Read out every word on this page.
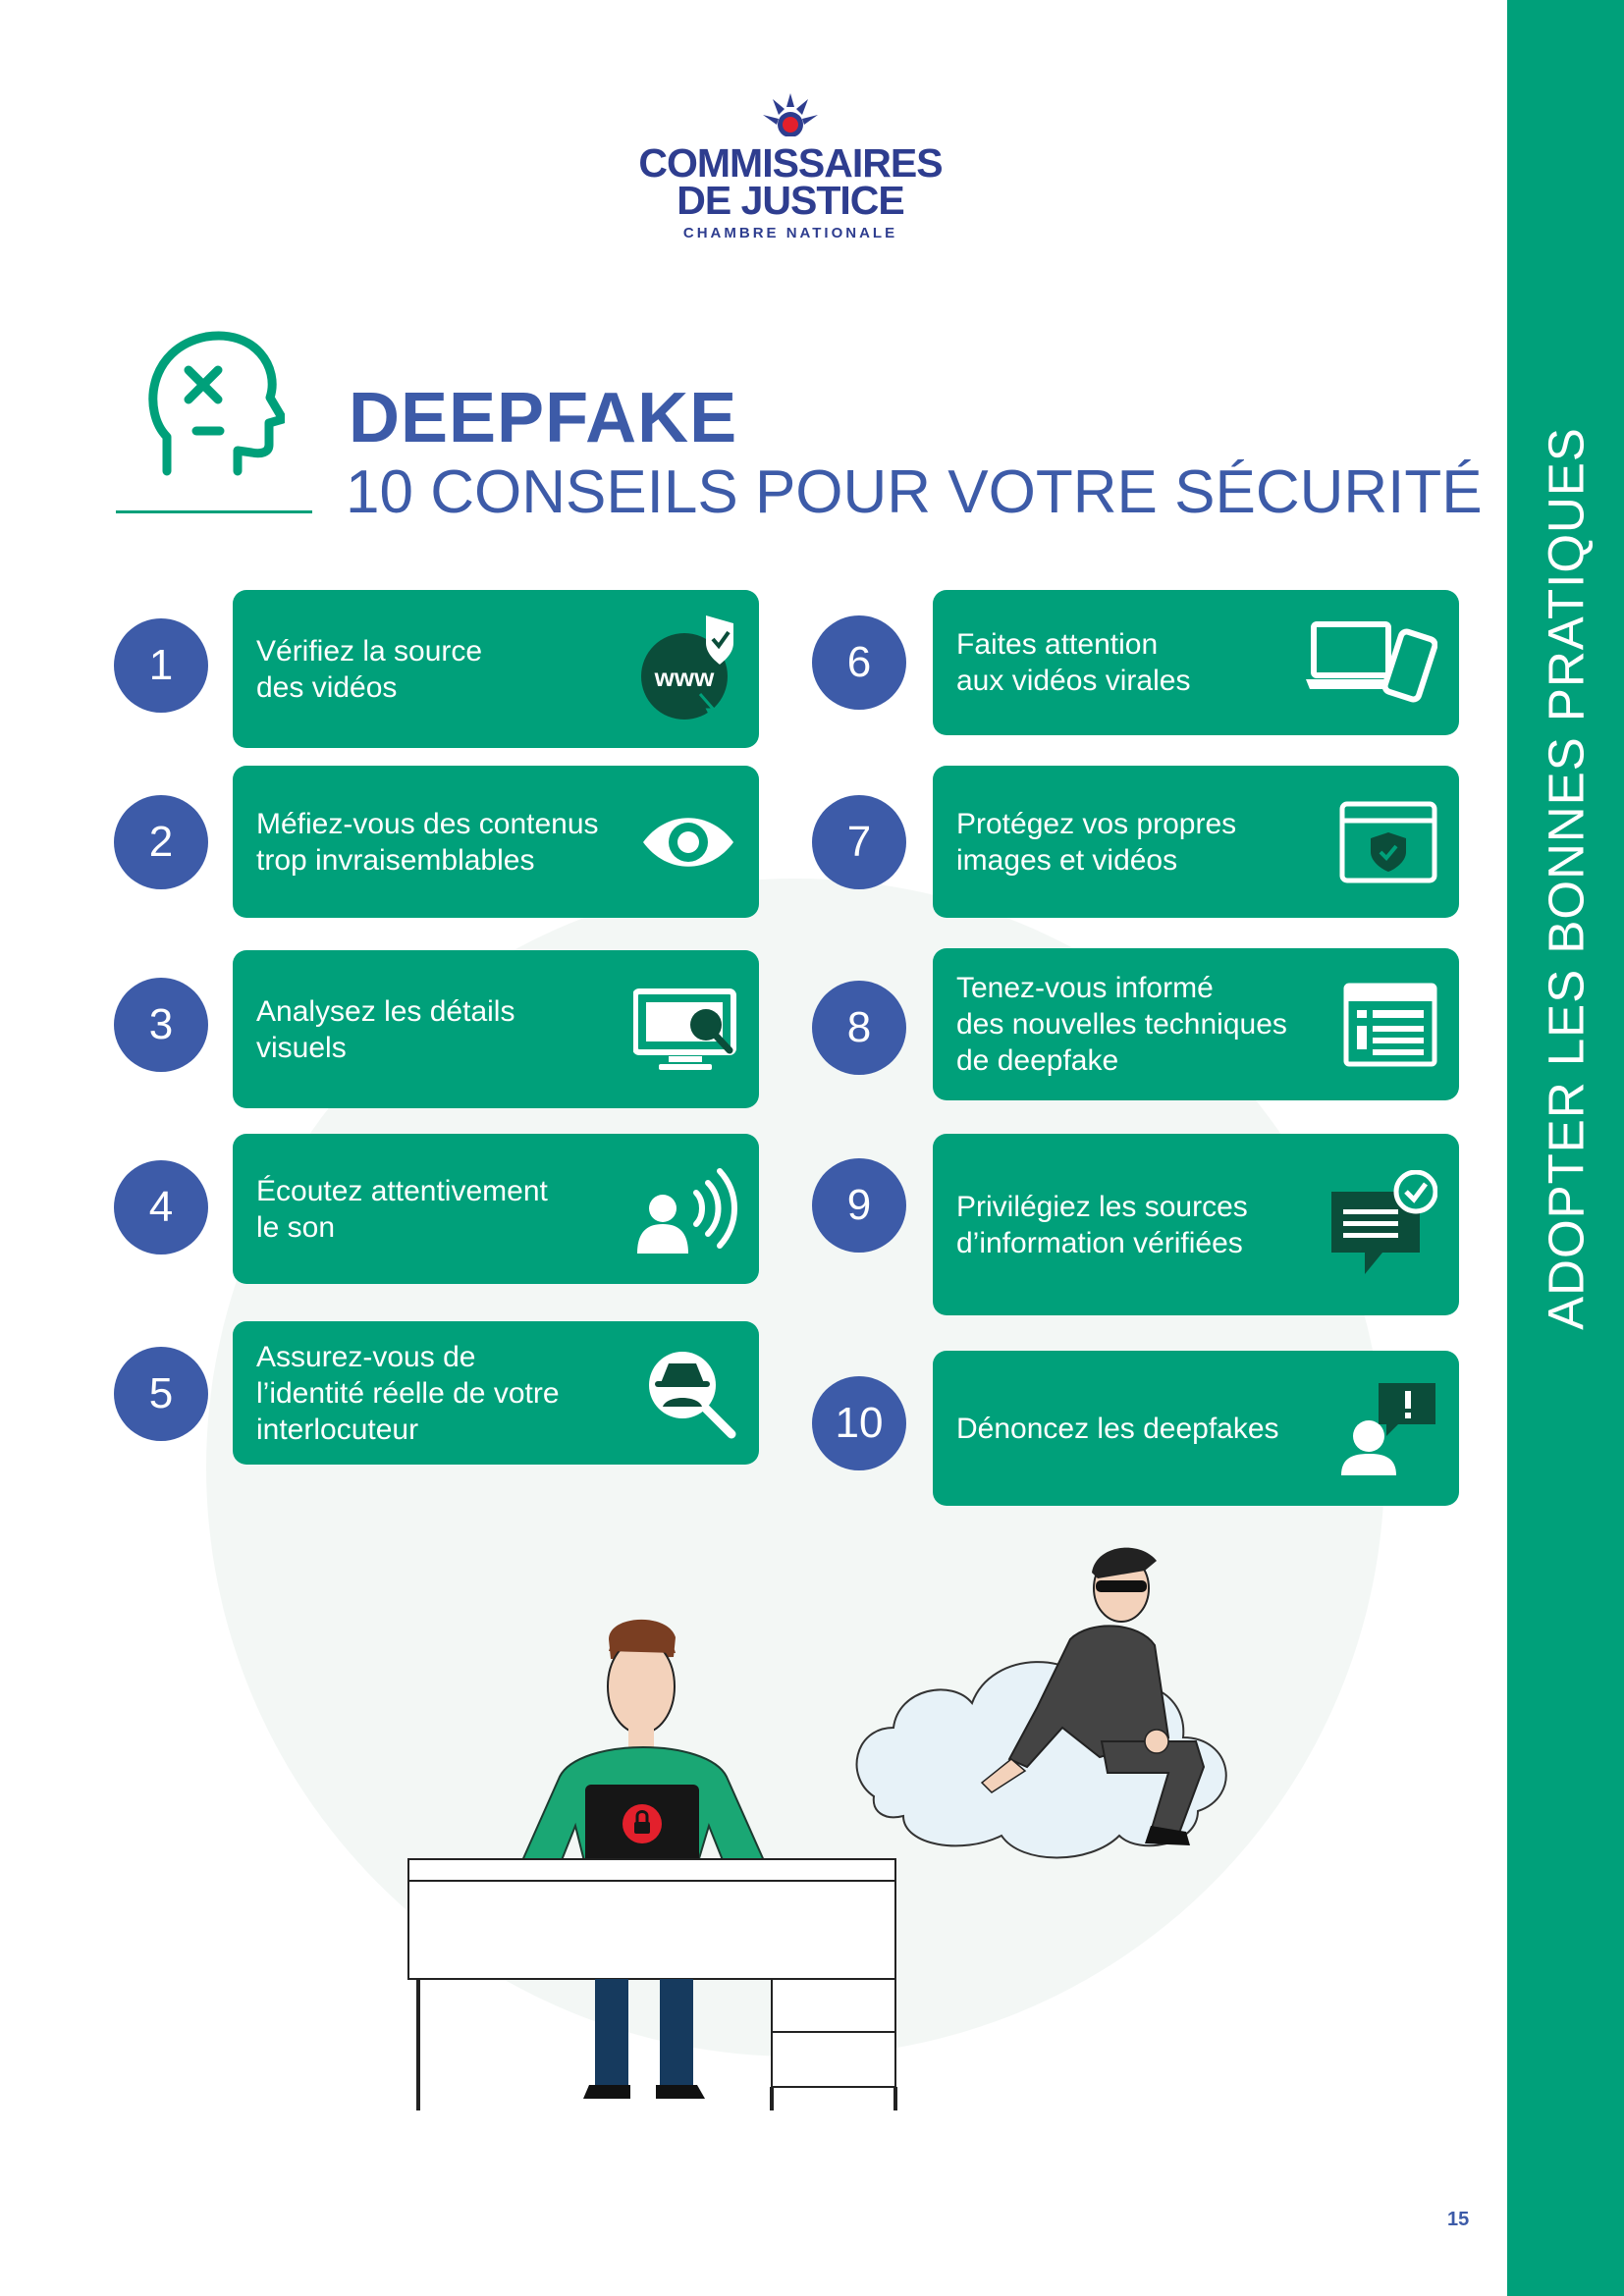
ADOPTER LES BONNES PRATIQUES
COMMISSAIRES
DE JUSTICE
CHAMBRE NATIONALE
DEEPFAKE
10 CONSEILS POUR VOTRE SÉCURITÉ
1	Vérifiez la source
des vidéos	www
2	Méfiez-vous des contenus
trop invraisemblables
3	Analysez les détails
visuels
4	Écoutez attentivement
le son
5
Assurez-vous de
l’identité réelle de votre
interlocuteur
6	Faites attention
aux vidéos virales
7	Protégez vos propres
images et vidéos
8
Tenez-vous informé
des nouvelles techniques
de deepfake
9	Privilégiez les sources
d’information vérifiées
10	Dénoncez les deepfakes
15
